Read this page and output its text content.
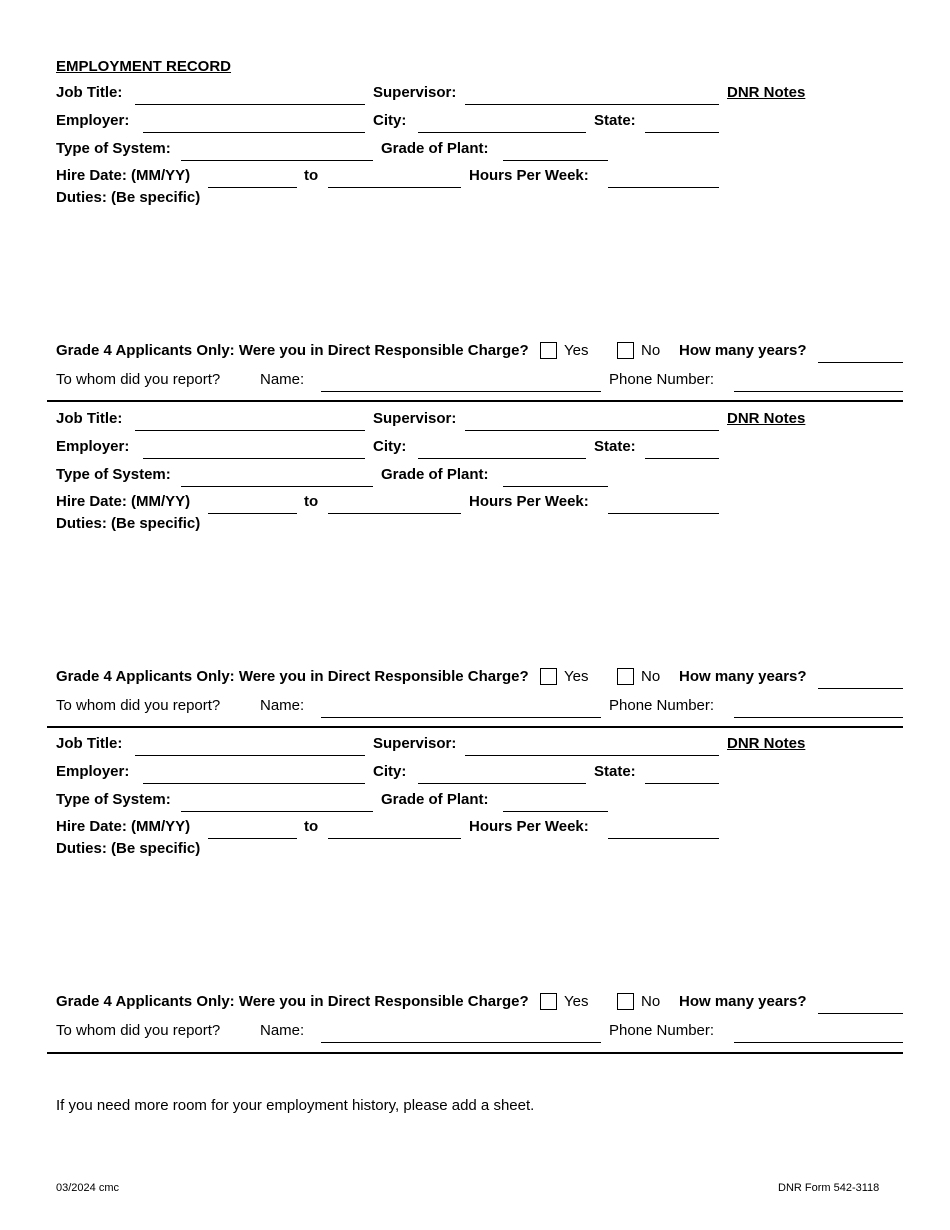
EMPLOYMENT RECORD
Job Title:	Supervisor:	DNR Notes
Employer:	City:	State:
Type of System:	Grade of Plant:
Hire Date: (MM/YY)	to	Hours Per Week:
Duties: (Be specific)
Grade 4 Applicants Only: Were you in Direct Responsible Charge? Yes	No How many years?
To whom did you report?	Name:	Phone Number:
Job Title:	Supervisor:	DNR Notes
Employer:	City:	State:
Type of System:	Grade of Plant:
Hire Date: (MM/YY)	to	Hours Per Week:
Duties: (Be specific)
Grade 4 Applicants Only: Were you in Direct Responsible Charge? Yes	No How many years?
To whom did you report?	Name:	Phone Number:
Job Title:	Supervisor:	DNR Notes
Employer:	City:	State:
Type of System:	Grade of Plant:
Hire Date: (MM/YY)	to	Hours Per Week:
Duties: (Be specific)
Grade 4 Applicants Only: Were you in Direct Responsible Charge? Yes	No How many years?
To whom did you report?	Name:	Phone Number:
If you need more room for your employment history, please add a sheet.
03/2024 cmc	DNR Form 542-3118
